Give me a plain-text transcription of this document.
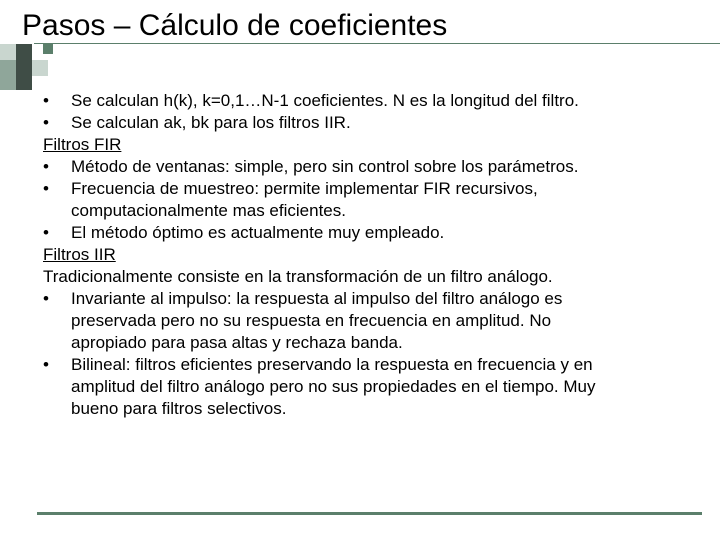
Pasos – Cálculo de coeficientes
• Se calculan h(k), k=0,1…N-1 coeficientes. N es la longitud del filtro.
• Se calculan ak, bk para los filtros IIR.
Filtros FIR
• Método de ventanas: simple, pero sin control sobre los parámetros.
• Frecuencia de muestreo: permite implementar FIR recursivos,
computacionalmente mas eficientes.
• El método óptimo es actualmente muy empleado.
Filtros IIR
Tradicionalmente consiste en la transformación de un filtro análogo.
• Invariante al impulso: la respuesta al impulso del filtro análogo es
preservada pero no su respuesta en frecuencia en amplitud. No
apropiado para pasa altas y rechaza banda.
• Bilineal: filtros eficientes preservando la respuesta en frecuencia y en
amplitud del filtro análogo pero no sus propiedades en el tiempo. Muy
bueno para filtros selectivos.
